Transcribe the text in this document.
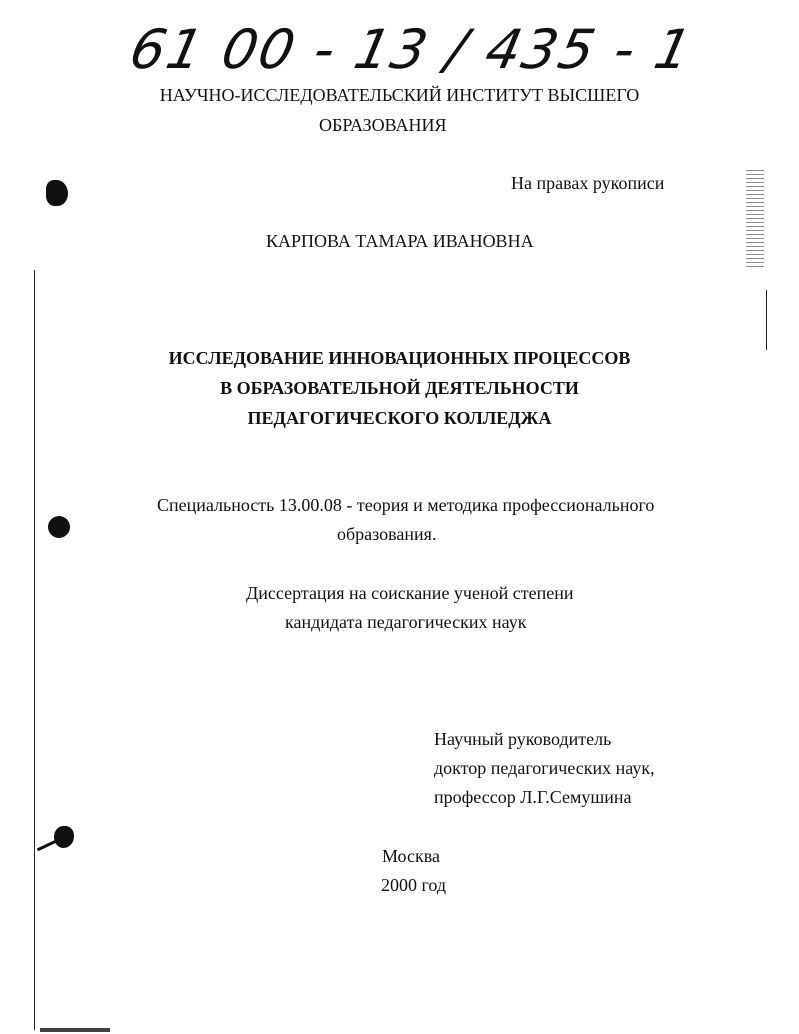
61 00 - 13 / 435 - 1
НАУЧНО-ИССЛЕДОВАТЕЛЬСКИЙ ИНСТИТУТ ВЫСШЕГО
ОБРАЗОВАНИЯ
На правах рукописи
КАРПОВА ТАМАРА ИВАНОВНА
ИССЛЕДОВАНИЕ ИННОВАЦИОННЫХ ПРОЦЕССОВ
В ОБРАЗОВАТЕЛЬНОЙ ДЕЯТЕЛЬНОСТИ
ПЕДАГОГИЧЕСКОГО КОЛЛЕДЖА
Специальность 13.00.08 - теория и методика профессионального
образования.
Диссертация на соискание ученой степени
кандидата педагогических наук
Научный руководитель
доктор педагогических наук,
профессор Л.Г.Семушина
Москва
2000 год
